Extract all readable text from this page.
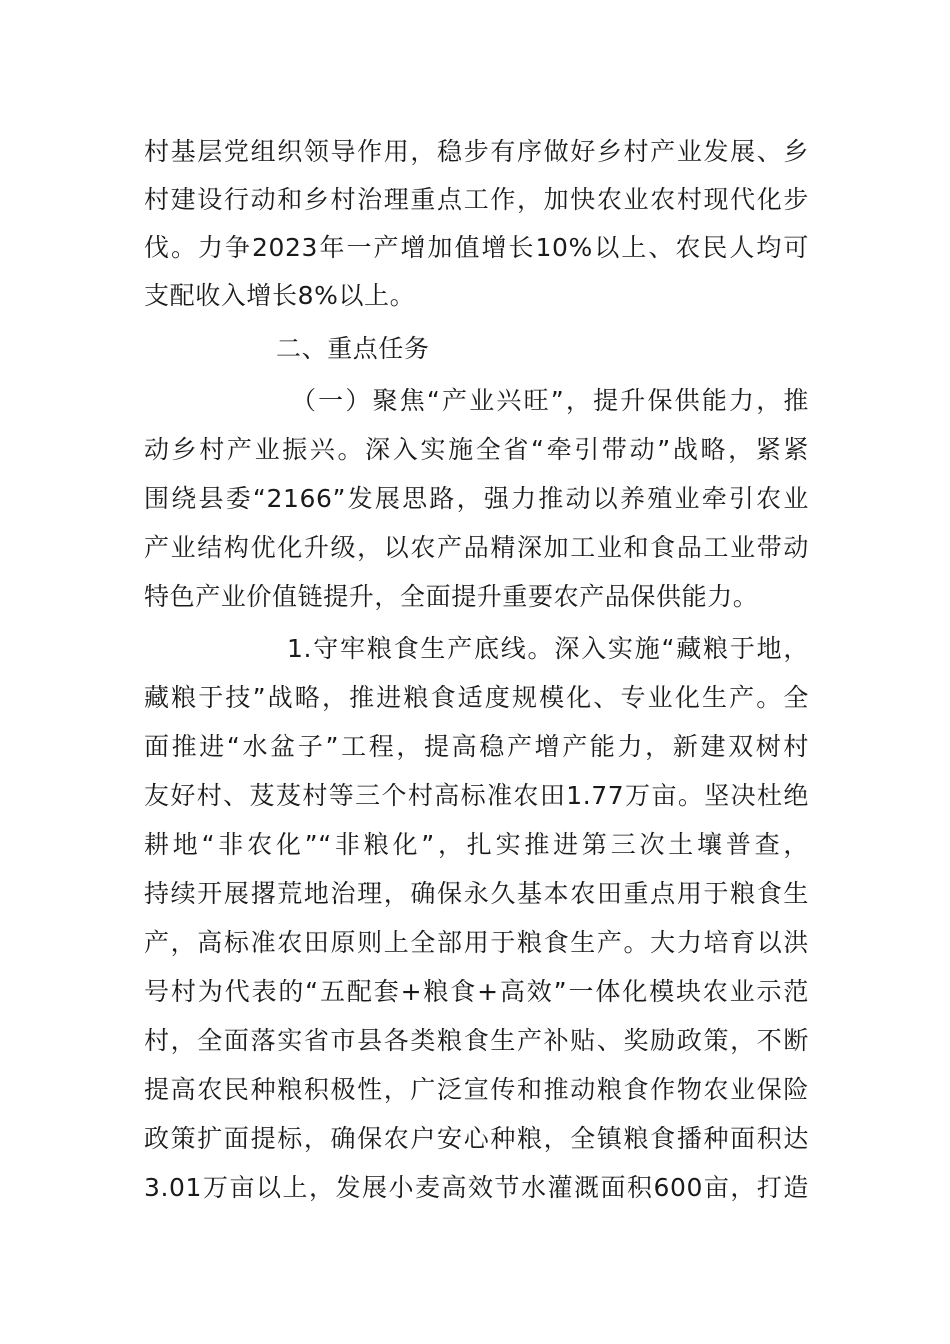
村基层党组织领导作用，稳步有序做好乡村产业发展、乡
村建设行动和乡村治理重点工作，加快农业农村现代化步
伐。力争2023年一产增加值增长10%以上、农民人均可
支配收入增长8%以上。
二、重点任务
（一）聚焦“产业兴旺”，提升保供能力，推
动乡村产业振兴。深入实施全省“牵引带动”战略，紧紧
围绕县委“2166”发展思路，强力推动以养殖业牵引农业
产业结构优化升级，以农产品精深加工业和食品工业带动
特色产业价值链提升，全面提升重要农产品保供能力。
1.守牢粮食生产底线。深入实施“藏粮于地，
藏粮于技”战略，推进粮食适度规模化、专业化生产。全
面推进“水盆子”工程，提高稳产增产能力，新建双树村
友好村、芨芨村等三个村高标准农田1.77万亩。坚决杜绝
耕地“非农化”“非粮化”，扎实推进第三次土壤普查，
持续开展撂荒地治理，确保永久基本农田重点用于粮食生
产，高标准农田原则上全部用于粮食生产。大力培育以洪
号村为代表的“五配套+粮食+高效”一体化模块农业示范
村，全面落实省市县各类粮食生产补贴、奖励政策，不断
提高农民种粮积极性，广泛宣传和推动粮食作物农业保险
政策扩面提标，确保农户安心种粮，全镇粮食播种面积达
3.01万亩以上，发展小麦高效节水灌溉面积600亩，打造
